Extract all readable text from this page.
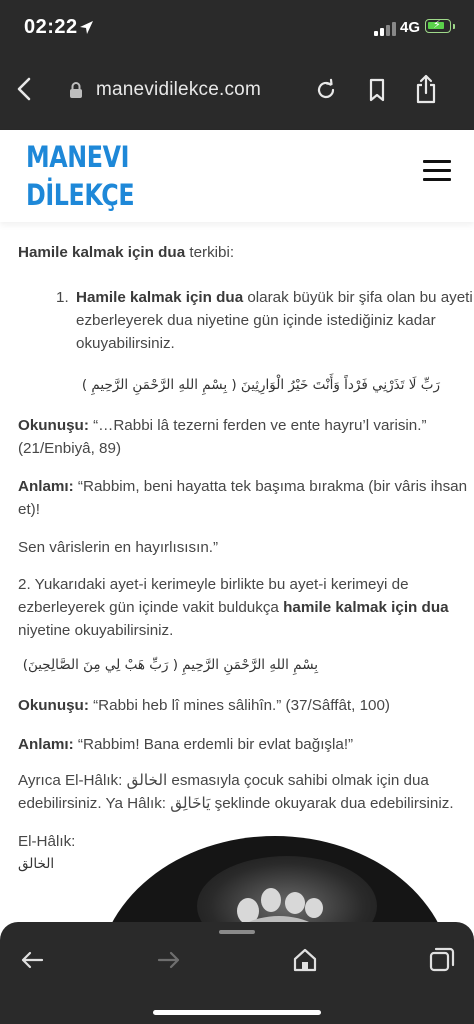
02:22	4G ⚡
manevidilekce.com
MANEVI
DİLEKÇE
Hamile kalmak için dua terkibi:
1. Hamile kalmak için dua olarak büyük bir şifa olan bu ayeti
ezberleyerek dua niyetine gün içinde istediğiniz kadar
okuyabilirsiniz.
رَبِّ لَا تَذَرْنِي فَرْداً وَأَنْتَ خَيْرُ الْوَارِثِينَ ( بِسْمِ اللهِ الرَّحْمَنِ الرَّحِيمِ )
Okunuşu: “…Rabbi lâ tezerni ferden ve ente hayru’l varisin.”
(21/Enbiyâ, 89)
Anlamı: “Rabbim, beni hayatta tek başıma bırakma (bir vâris ihsan
et)!
Sen vârislerin en hayırlısısın.”
2. Yukarıdaki ayet-i kerimeyle birlikte bu ayet-i kerimeyi de
ezberleyerek gün içinde vakit buldukça hamile kalmak için dua
niyetine okuyabilirsiniz.
بِسْمِ اللهِ الرَّحْمَنِ الرَّحِيمِ ( رَبِّ هَبْ لِي مِنَ الصَّالِحِينَ)
Okunuşu: “Rabbi heb lî mines sâlihîn.” (37/Sâffât, 100)
Anlamı: “Rabbim! Bana erdemli bir evlat bağışla!”
Ayrıca El-Hâlık: الخالق esmasıyla çocuk sahibi olmak için dua
edebilirsiniz. Ya Hâlık: يَاخَالِق şeklinde okuyarak dua edebilirsiniz.
El-Hâlık:
الخالق
